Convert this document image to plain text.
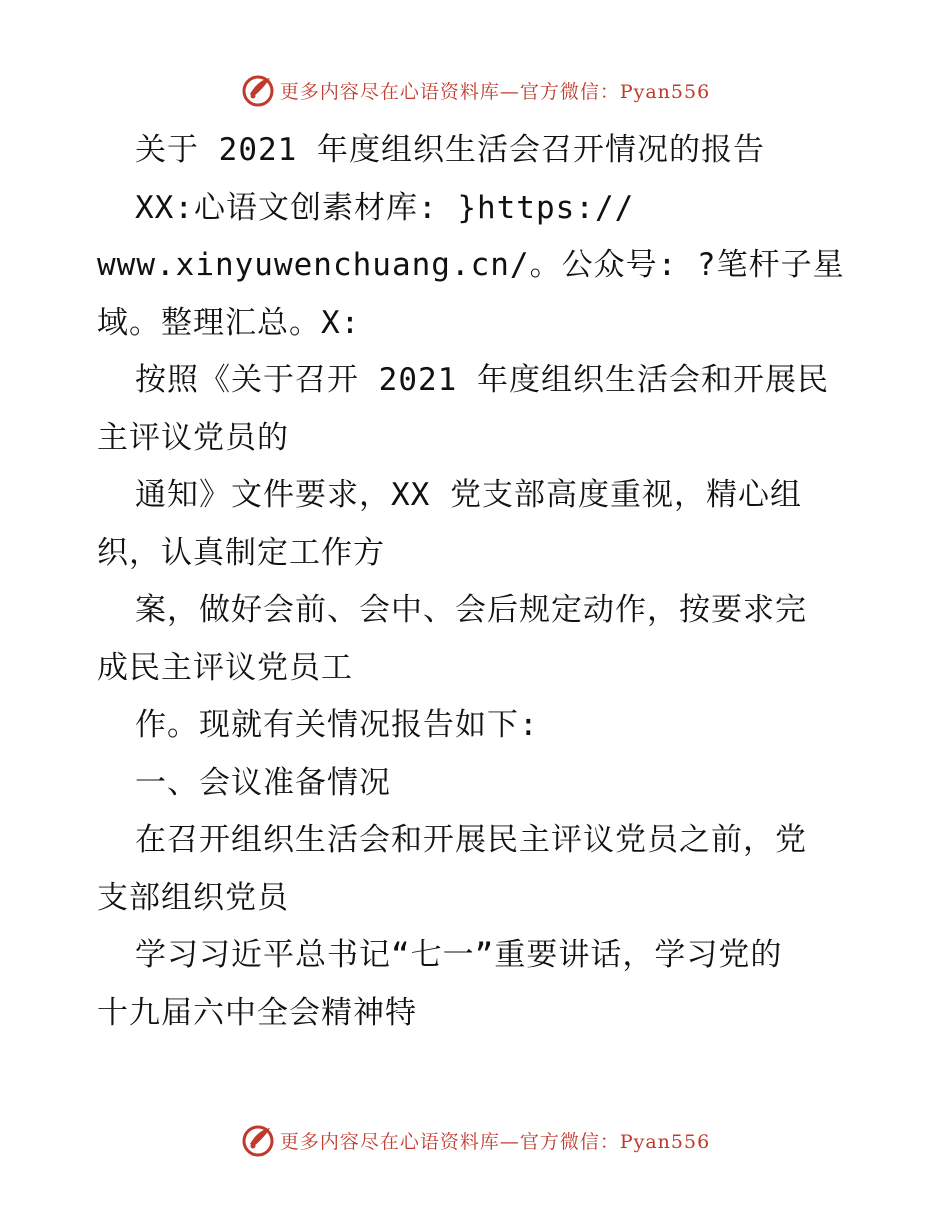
更多内容尽在心语资料库—官方微信：Pyan556
关于 2021 年度组织生活会召开情况的报告
XX:心语文创素材库: }https://
www.xinyuwenchuang.cn/。公众号: ?笔杆子星
域。整理汇总。X:
按照《关于召开 2021 年度组织生活会和开展民
主评议党员的
通知》文件要求，XX 党支部高度重视，精心组
织，认真制定工作方
案，做好会前、会中、会后规定动作，按要求完
成民主评议党员工
作。现就有关情况报告如下:
一、会议准备情况
在召开组织生活会和开展民主评议党员之前，党
支部组织党员
学习习近平总书记“七一”重要讲话，学习党的
十九届六中全会精神特
更多内容尽在心语资料库—官方微信：Pyan556
